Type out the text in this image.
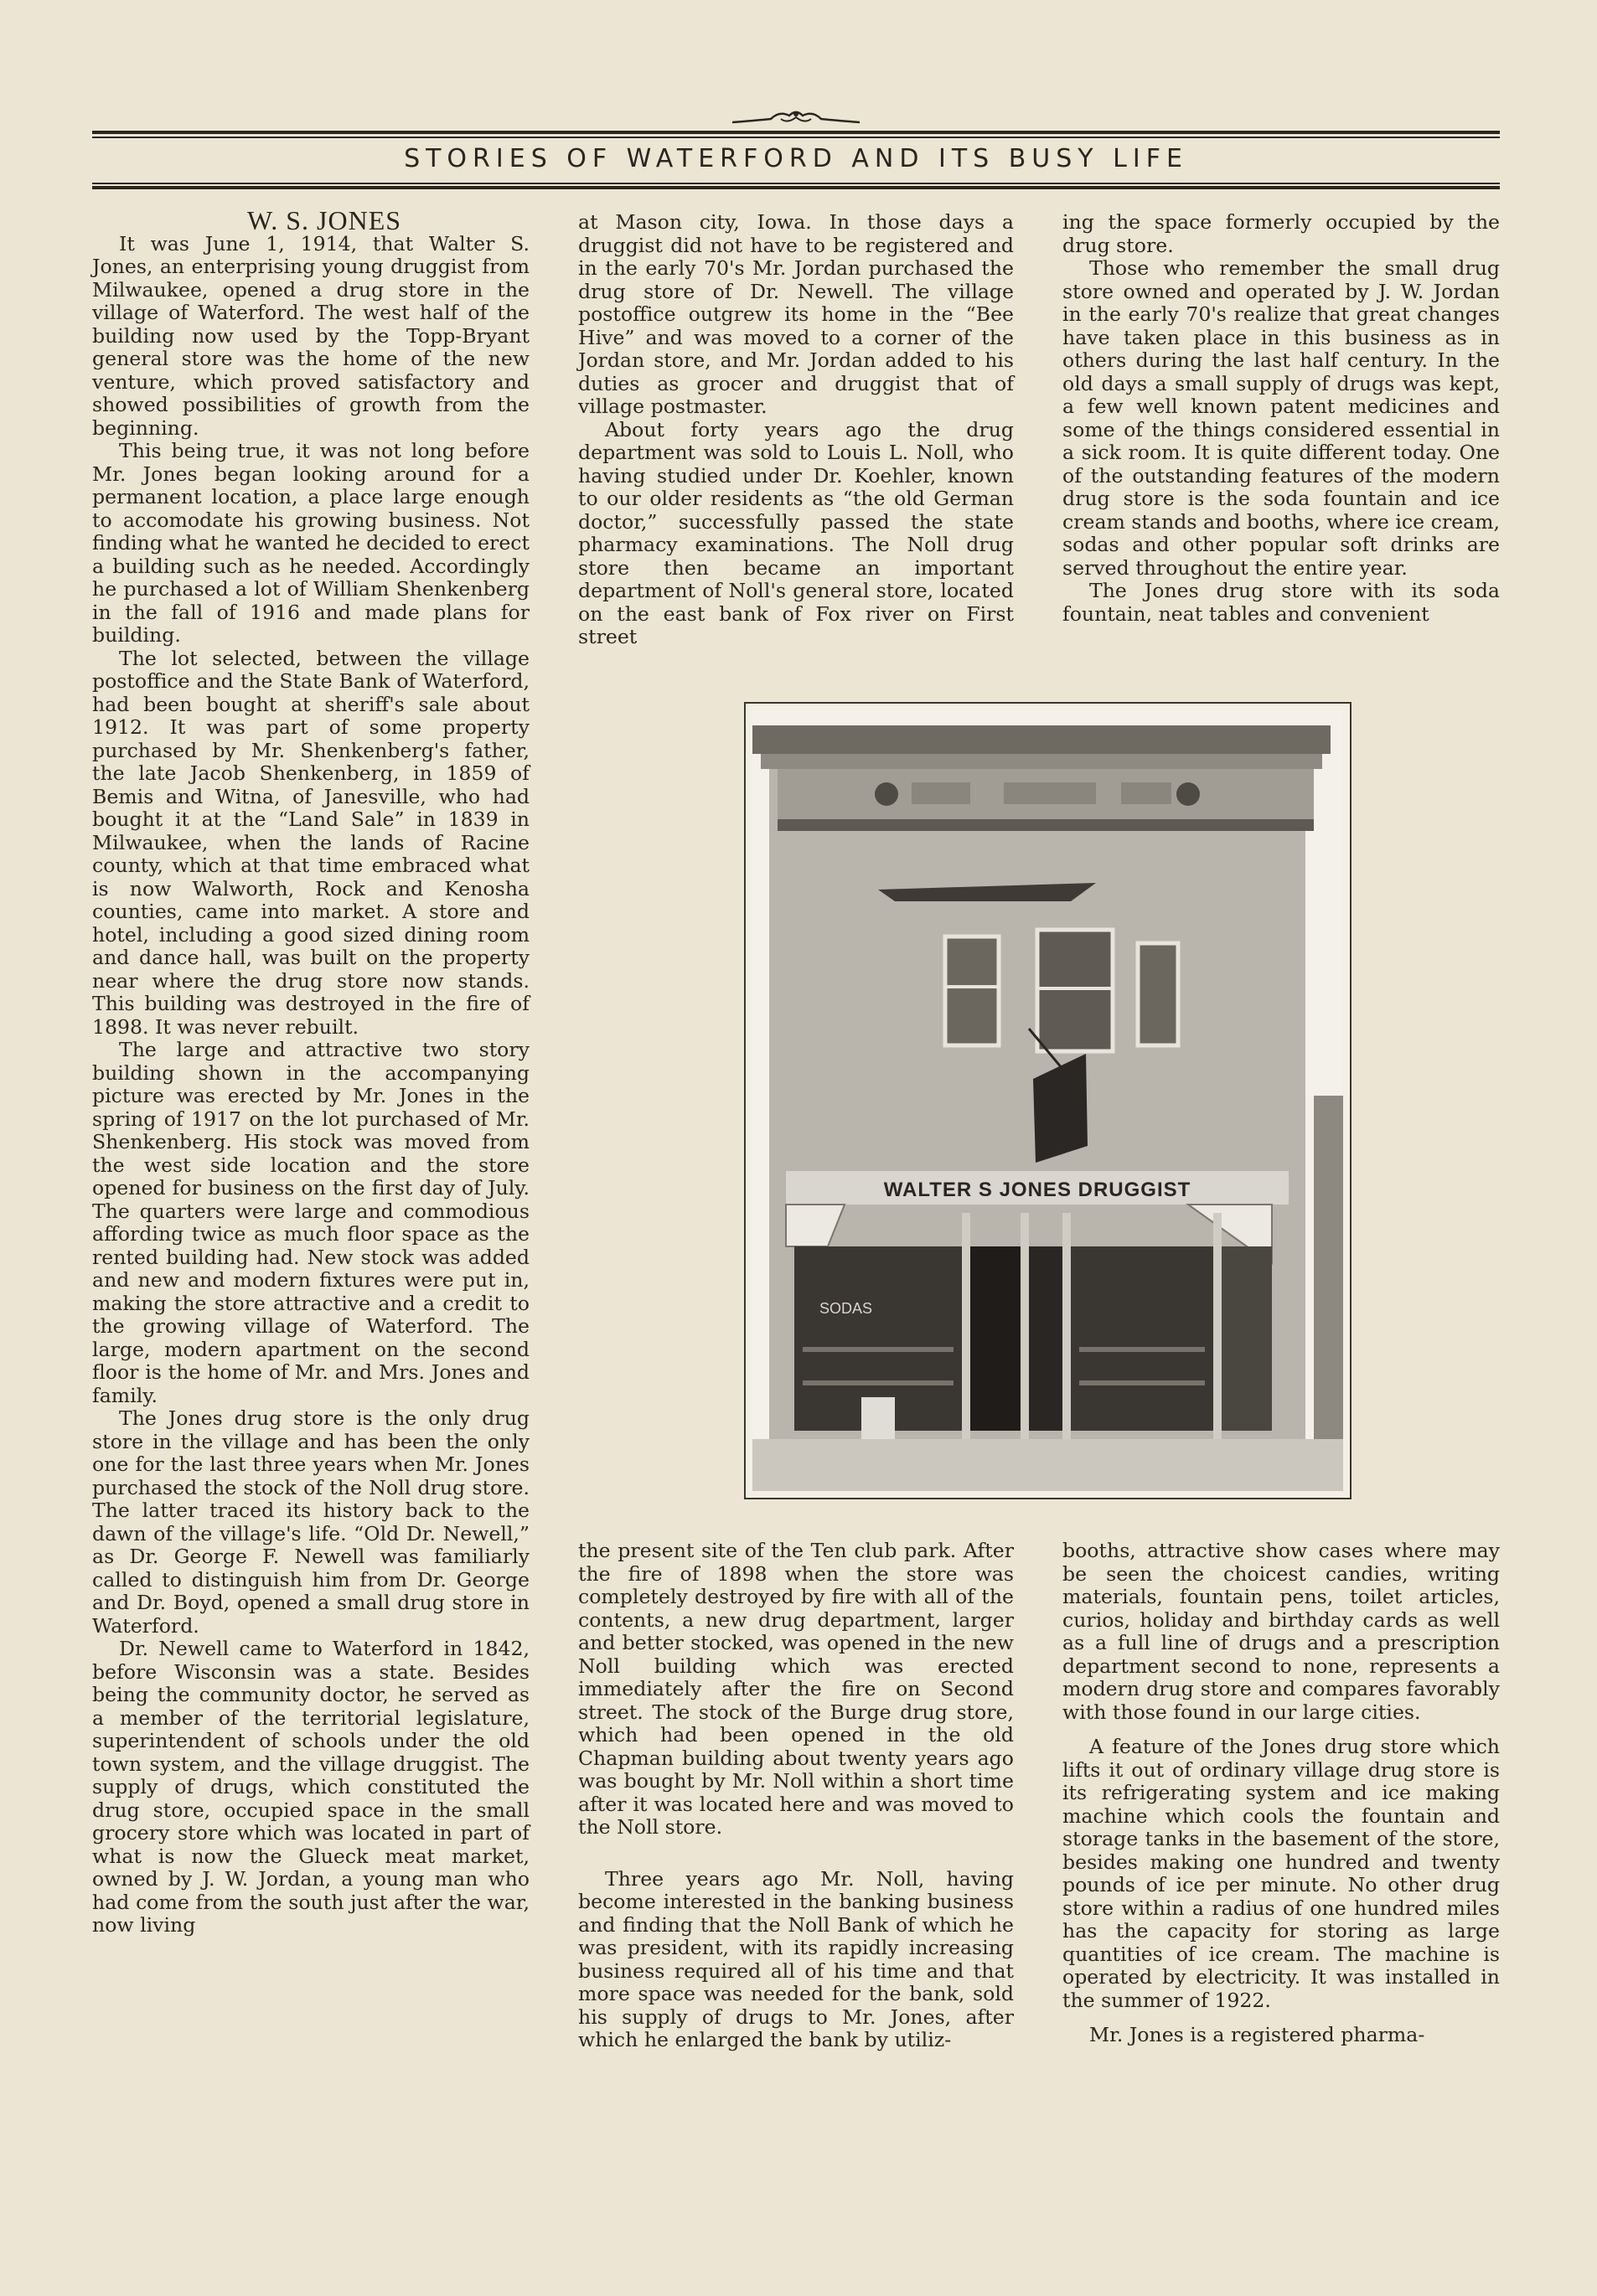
STORIES OF WATERFORD AND ITS BUSY LIFE

W. S. JONES

It was June 1, 1914, that Walter S. Jones, an enterprising young druggist from Milwaukee, opened a drug store in the village of Waterford. The west half of the building now used by the Topp-Bryant general store was the home of the new venture, which proved satisfactory and showed possibilities of growth from the beginning.

This being true, it was not long before Mr. Jones began looking around for a permanent location, a place large enough to accomodate his growing business. Not finding what he wanted he decided to erect a building such as he needed. Accordingly he purchased a lot of William Shenkenberg in the fall of 1916 and made plans for building.

The lot selected, between the village postoffice and the State Bank of Waterford, had been bought at sheriff's sale about 1912. It was part of some property purchased by Mr. Shenkenberg's father, the late Jacob Shenkenberg, in 1859 of Bemis and Witna, of Janesville, who had bought it at the “Land Sale” in 1839 in Milwaukee, when the lands of Racine county, which at that time embraced what is now Walworth, Rock and Kenosha counties, came into market. A store and hotel, including a good sized dining room and dance hall, was built on the property near where the drug store now stands. This building was destroyed in the fire of 1898. It was never rebuilt.

The large and attractive two story building shown in the accompanying picture was erected by Mr. Jones in the spring of 1917 on the lot purchased of Mr. Shenkenberg. His stock was moved from the west side location and the store opened for business on the first day of July. The quarters were large and commodious affording twice as much floor space as the rented building had. New stock was added and new and modern fixtures were put in, making the store attractive and a credit to the growing village of Waterford. The large, modern apartment on the second floor is the home of Mr. and Mrs. Jones and family.

The Jones drug store is the only drug store in the village and has been the only one for the last three years when Mr. Jones purchased the stock of the Noll drug store. The latter traced its history back to the dawn of the village's life. “Old Dr. Newell,” as Dr. George F. Newell was familiarly called to distinguish him from Dr. George and Dr. Boyd, opened a small drug store in Waterford.

Dr. Newell came to Waterford in 1842, before Wisconsin was a state. Besides being the community doctor, he served as a member of the territorial legislature, superintendent of schools under the old town system, and the village druggist. The supply of drugs, which constituted the drug store, occupied space in the small grocery store which was located in part of what is now the Glueck meat market, owned by J. W. Jordan, a young man who had come from the south just after the war, now living

at Mason city, Iowa. In those days a druggist did not have to be registered and in the early 70's Mr. Jordan purchased the drug store of Dr. Newell. The village postoffice outgrew its home in the “Bee Hive” and was moved to a corner of the Jordan store, and Mr. Jordan added to his duties as grocer and druggist that of village postmaster.

About forty years ago the drug department was sold to Louis L. Noll, who having studied under Dr. Koehler, known to our older residents as “the old German doctor,” successfully passed the state pharmacy examinations. The Noll drug store then became an important department of Noll's general store, located on the east bank of Fox river on First street

ing the space formerly occupied by the drug store.

Those who remember the small drug store owned and operated by J. W. Jordan in the early 70's realize that great changes have taken place in this business as in others during the last half century. In the old days a small supply of drugs was kept, a few well known patent medicines and some of the things considered essential in a sick room. It is quite different today. One of the outstanding features of the modern drug store is the soda fountain and ice cream stands and booths, where ice cream, sodas and other popular soft drinks are served throughout the entire year.

The Jones drug store with its soda fountain, neat tables and convenient

WALTER S JONES DRUGGIST
SODAS

the present site of the Ten club park. After the fire of 1898 when the store was completely destroyed by fire with all of the contents, a new drug department, larger and better stocked, was opened in the new Noll building which was erected immediately after the fire on Second street. The stock of the Burge drug store, which had been opened in the old Chapman building about twenty years ago was bought by Mr. Noll within a short time after it was located here and was moved to the Noll store.

Three years ago Mr. Noll, having become interested in the banking business and finding that the Noll Bank of which he was president, with its rapidly increasing business required all of his time and that more space was needed for the bank, sold his supply of drugs to Mr. Jones, after which he enlarged the bank by utiliz-

booths, attractive show cases where may be seen the choicest candies, writing materials, fountain pens, toilet articles, curios, holiday and birthday cards as well as a full line of drugs and a prescription department second to none, represents a modern drug store and compares favorably with those found in our large cities.

A feature of the Jones drug store which lifts it out of ordinary village drug store is its refrigerating system and ice making machine which cools the fountain and storage tanks in the basement of the store, besides making one hundred and twenty pounds of ice per minute. No other drug store within a radius of one hundred miles has the capacity for storing as large quantities of ice cream. The machine is operated by electricity. It was installed in the summer of 1922.

Mr. Jones is a registered pharma-
